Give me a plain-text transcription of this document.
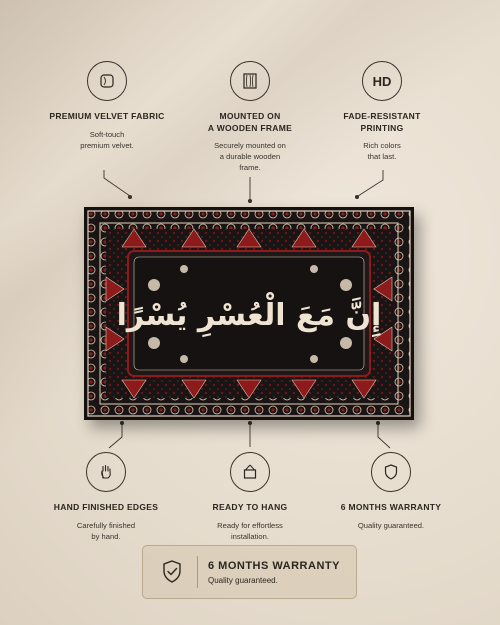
PREMIUM VELVET FABRIC
Soft-touch
premium velvet.
MOUNTED ON
A WOODEN FRAME
Securely mounted on
a durable wooden
frame.
HD
FADE-RESISTANT
PRINTING
Rich colors
that last.
إِنَّ مَعَ الْعُسْرِ يُسْرًا
HAND FINISHED EDGES
Carefully finished
by hand.
READY TO HANG
Ready for effortless
installation.
6 MONTHS WARRANTY
Quality guaranteed.
6 MONTHS WARRANTY
Quality guaranteed.
